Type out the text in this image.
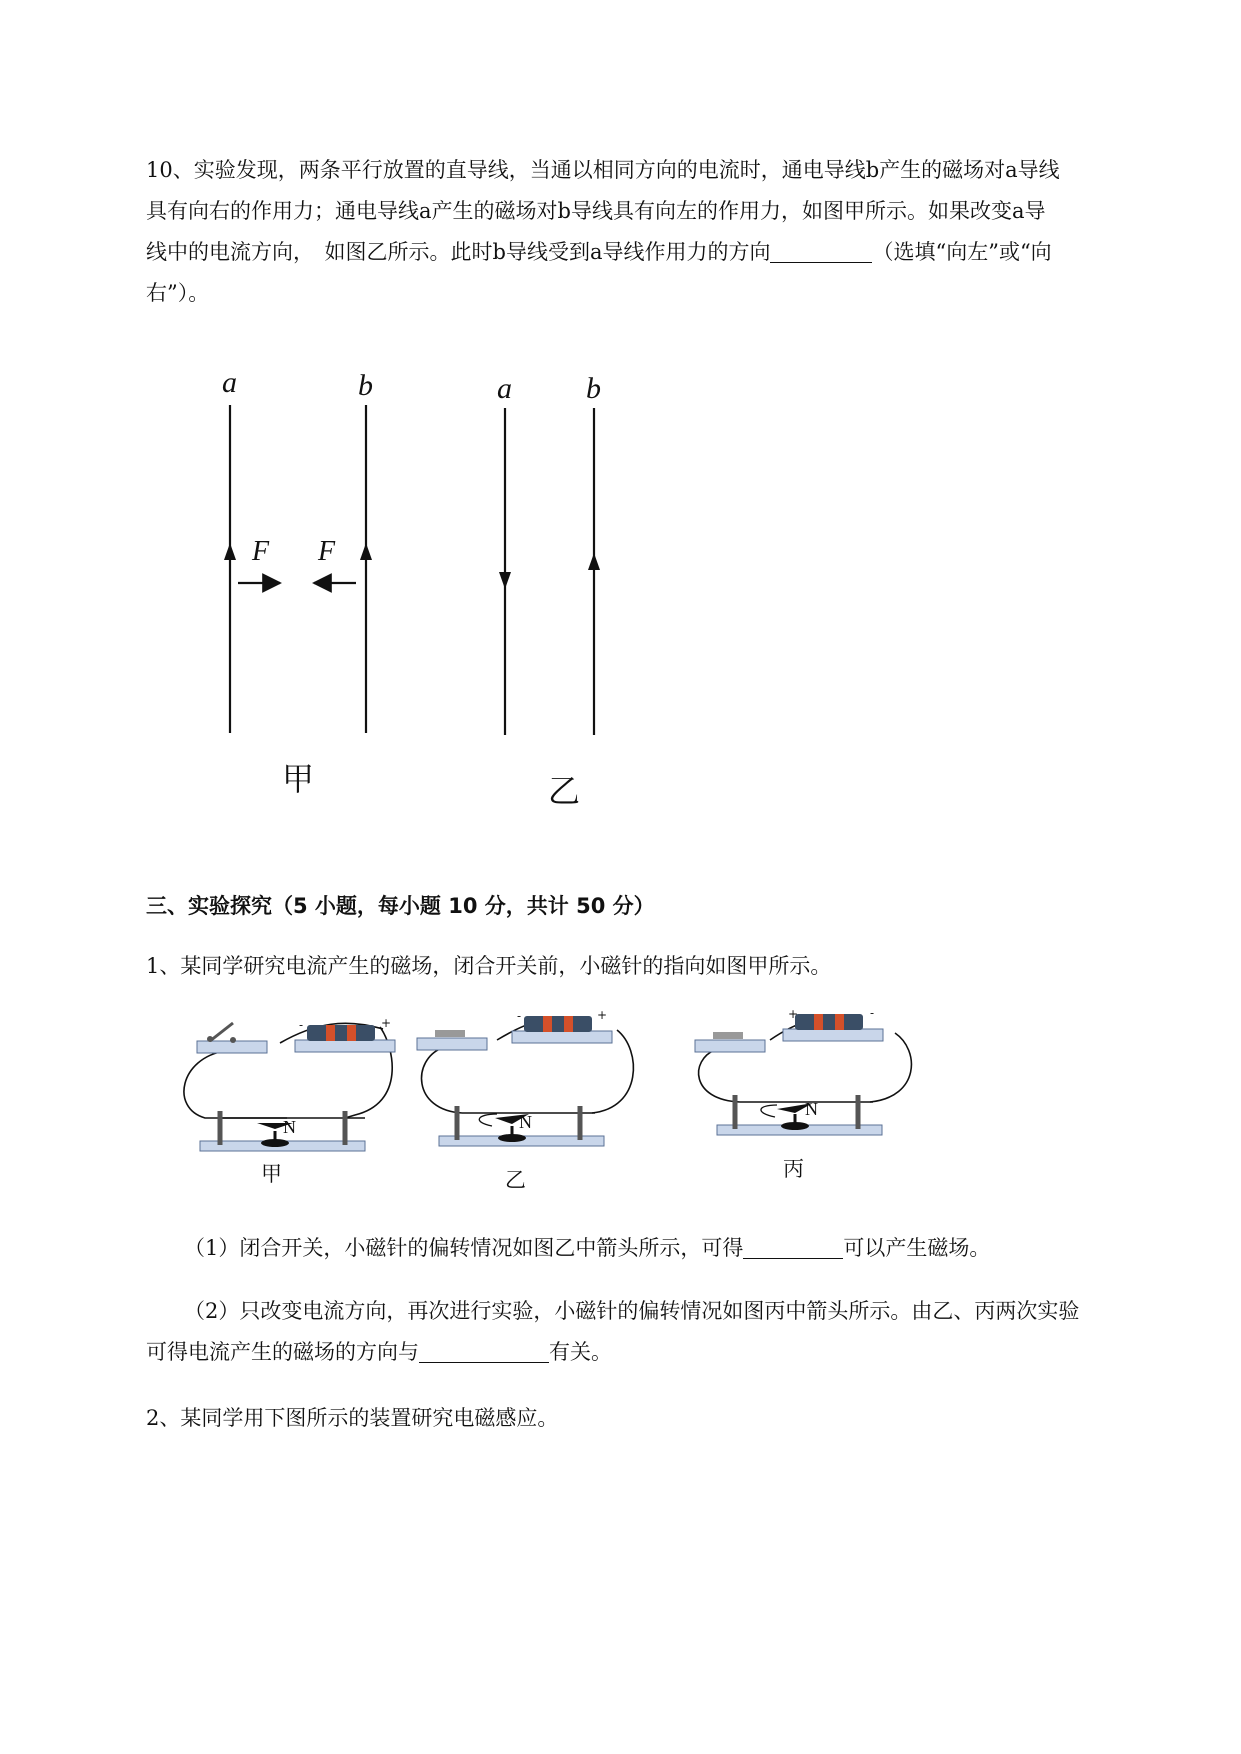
10、实验发现，两条平行放置的直导线，当通以相同方向的电流时，通电导线b产生的磁场对a导线

具有向右的作用力；通电导线a产生的磁场对b导线具有向左的作用力，如图甲所示。如果改变a导

线中的电流方向，　如图乙所示。此时b导线受到a导线作用力的方向	（选填“向左”或“向

右”）。

a	b
F F
甲
a b
乙

三、实验探究（5 小题，每小题 10 分，共计 50 分）

1、某同学研究电流产生的磁场，闭合开关前，小磁针的指向如图甲所示。

-	+
N
甲
-	+
N
乙
+	-
N
丙

（1）闭合开关，小磁针的偏转情况如图乙中箭头所示，可得	可以产生磁场。

（2）只改变电流方向，再次进行实验，小磁针的偏转情况如图丙中箭头所示。由乙、丙两次实验

可得电流产生的磁场的方向与	有关。

2、某同学用下图所示的装置研究电磁感应。
